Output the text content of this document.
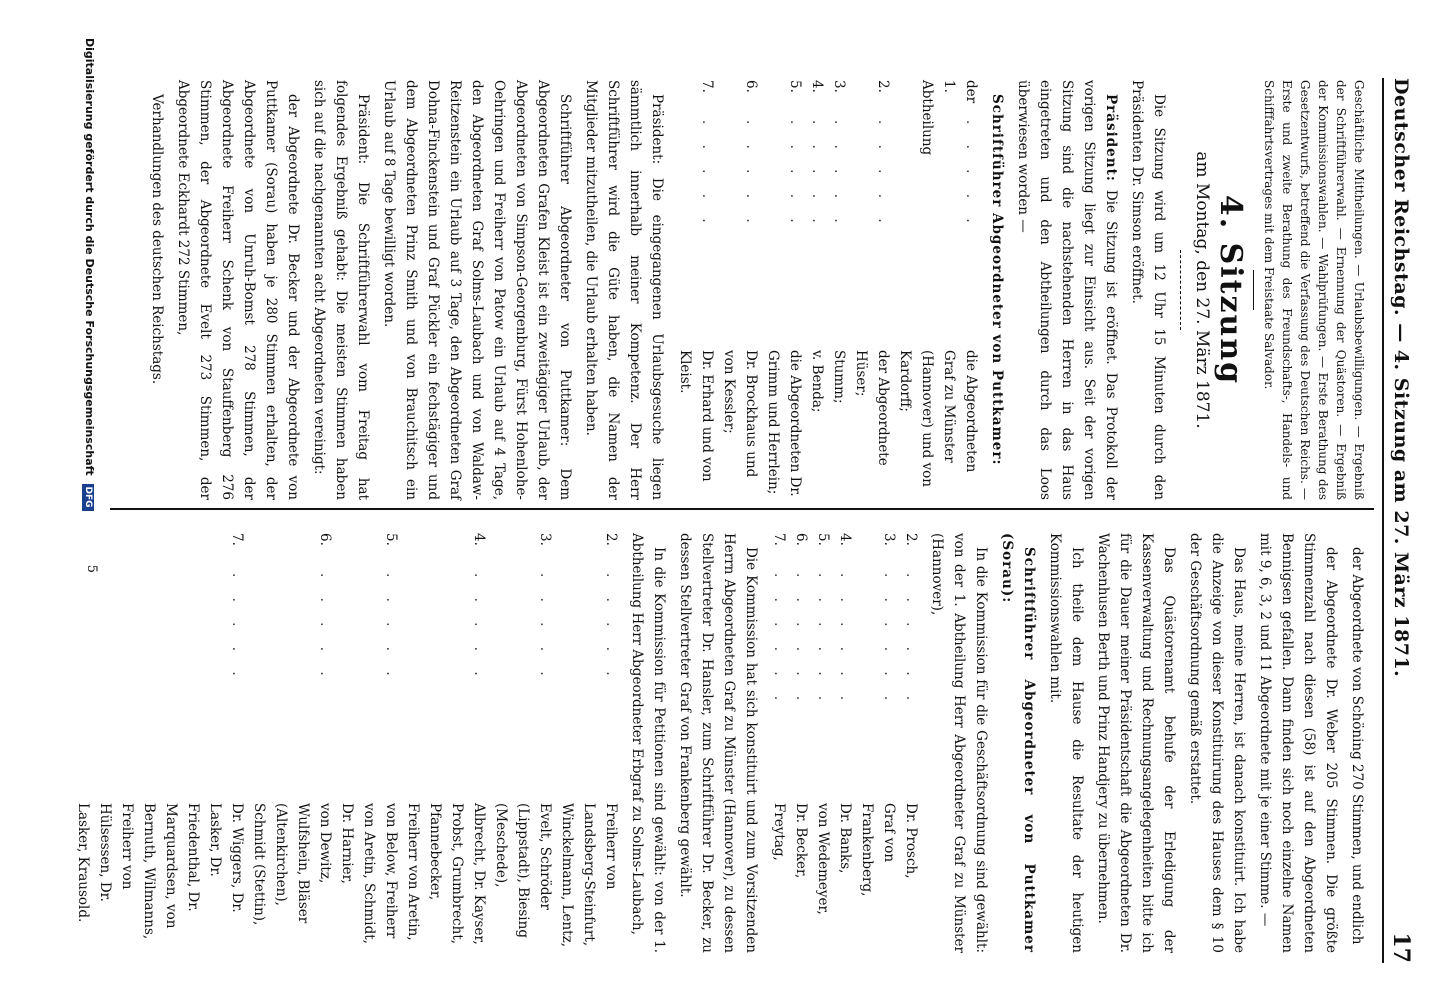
Deutscher Reichstag. — 4. Sitzung am 27. März 1871.
17

Geschäftliche Mittheilungen. — Urlaubsbewilligungen. — Ergebniß der Schriftführerwahl. — Ernennung der Quästoren. — Ergebniß der Kommissionswahlen. — Wahlprüfungen. — Erste Berathung des Gesetzentwurfs, betreffend die Verfassung des Deutschen Reichs. — Erste und zweite Berathung des Freundschafts-, Handels- und Schifffahrtsvertrages mit dem Freistaate Salvador.

4. Sitzung
am Montag, den 27. März 1871.

Die Sitzung wird um 12 Uhr 15 Minuten durch den Präsidenten Dr. Simson eröffnet.

Präsident: Die Sitzung ist eröffnet. Das Protokoll der vorigen Sitzung liegt zur Einsicht aus. Seit der vorigen Sitzung sind die nachstehenden Herren in das Haus eingetreten und den Abtheilungen durch das Loos überwiesen worden —

Schriftführer Abgeordneter von Puttkamer:

der 1. Abtheilung
. . . . .
die Abgeordneten Graf zu Münster (Hannover) und von Kardorff;
2.
. . . . .
der Abgeordnete Hüser;
3.
. . . . .
Stumm;
4.
. . . . .
v. Benda;
5.
. . . . .
die Abgeordneten Dr. Grimm und Herrlein;
6.
. . . . .
Dr. Brockhaus und von Kessler;
7.
. . . . .
Dr. Erhard und von Kleist.

Präsident: Die eingegangenen Urlaubsgesuche liegen sämmtlich innerhalb meiner Kompetenz. Der Herr Schriftführer wird die Güte haben, die Namen der Mitglieder mitzutheilen, die Urlaub erhalten haben.

Schriftführer Abgeordneter von Puttkamer: Dem Abgeordneten Grafen Kleist ist ein zweitägiger Urlaub, der Abgeordneten von Simpson-Georgenburg, Fürst Hohenlohe-Oehringen und Freiherr von Patow ein Urlaub auf 4 Tage, den Abgeordneten Graf Solms-Laubach und von Waldaw-Reitzenstein ein Urlaub auf 3 Tage, den Abgeordneten Graf Dohna-Finckenstein und Graf Pückler ein fechstägiger und dem Abgeordneten Prinz Smith und von Brauchitsch ein Urlaub auf 8 Tage bewilligt worden.

Präsident: Die Schriftführerwahl vom Freitag hat folgendes Ergebniß gehabt: Die meisten Stimmen haben sich auf die nachgenannten acht Abgeordneten vereinigt:

der Abgeordnete Dr. Becker und der Abgeordnete von Puttkamer (Sorau) haben je 280 Stimmen erhalten, der Abgeordnete von Unruh-Bomst 278 Stimmen, der Abgeordnete Freiherr Schenk von Stauffenberg 276 Stimmen, der Abgeordnete Evelt 273 Stimmen, der Abgeordnete Eckhardt 272 Stimmen,

Verhandlungen des deutschen Reichstags.

der Abgeordnete von Schöning 270 Stimmen, und endlich

der Abgeordnete Dr. Weber 205 Stimmen. Die größte Stimmenzahl nach diesen (58) ist auf den Abgeordneten Bennigsen gefallen. Dann finden sich noch einzelne Namen mit 9, 6, 3, 2 und 11 Abgeordnete mit je einer Stimme. —

Das Haus, meine Herren, ist danach konstituirt. Ich habe die Anzeige von dieser Konstituirung des Hauses dem § 10 der Geschäftsordnung gemäß erstattet.

Das Quästorenamt behufe der Erledigung der Kassenverwaltung und Rechnungsangelegenheiten bitte ich für die Dauer meiner Präsidentschaft die Abgeordneten Dr. Wachenhusen Berth und Prinz Handjery zu übernehmen.

Ich theile dem Hause die Resultate der heutigen Kommissionswahlen mit.

Schriftführer Abgeordneter von Puttkamer (Sorau):

In die Kommission für die Geschäftsordnung sind gewählt: von der 1. Abtheilung Herr Abgeordneter Graf zu Münster (Hannover),

2.
. . . . . .
Dr. Prosch,
3.
. . . . . .
Graf von Frankenberg,
4.
. . . . . .
Dr. Banks,
5.
. . . . . .
von Wedemeyer,
6.
. . . . . .
Dr. Becker,
7.
. . . . . .
Freytag,

Die Kommission hat sich konstituirt und zum Vorsitzenden Herrn Abgeordneten Graf zu Münster (Hannover), zu dessen Stellvertreter Dr. Hansler, zum Schriftführer Dr. Becker, zu dessen Stellvertreter Graf von Frankenberg gewählt.

In die Kommission für Petitionen sind gewählt: von der 1. Abtheilung Herr Abgeordneter Erbgraf zu Solms-Laubach,

2.
. . . . .
Freiherr von Landsberg-Steinfurt, Winckelmann, Lentz,
3.
. . . . .
Evelt, Schröder (Lippstadt), Biesing (Meschede),
4.
. . . . .
Albrecht, Dr. Kayser, Probst, Grumbrecht, Pfannebecker, Freiherr von Aretin,
5.
. . . . .
von Below, Freiherr von Aretin, Schmidt, Dr. Harnier,
6.
. . . . .
von Dewitz, Wulfshein, Bläser (Altenkirchen), Schmidt (Stettin),
7.
. . . . .
Dr. Wiggers, Dr. Lasker, Dr. Friedenthal, Dr. Marquardsen, von Bernuth, Wilmanns, Freiherr von Hülsessen, Dr. Lasker, Krausold.
5
Digitalisierung gefördert durch die Deutsche Forschungsgemeinschaft DFG
